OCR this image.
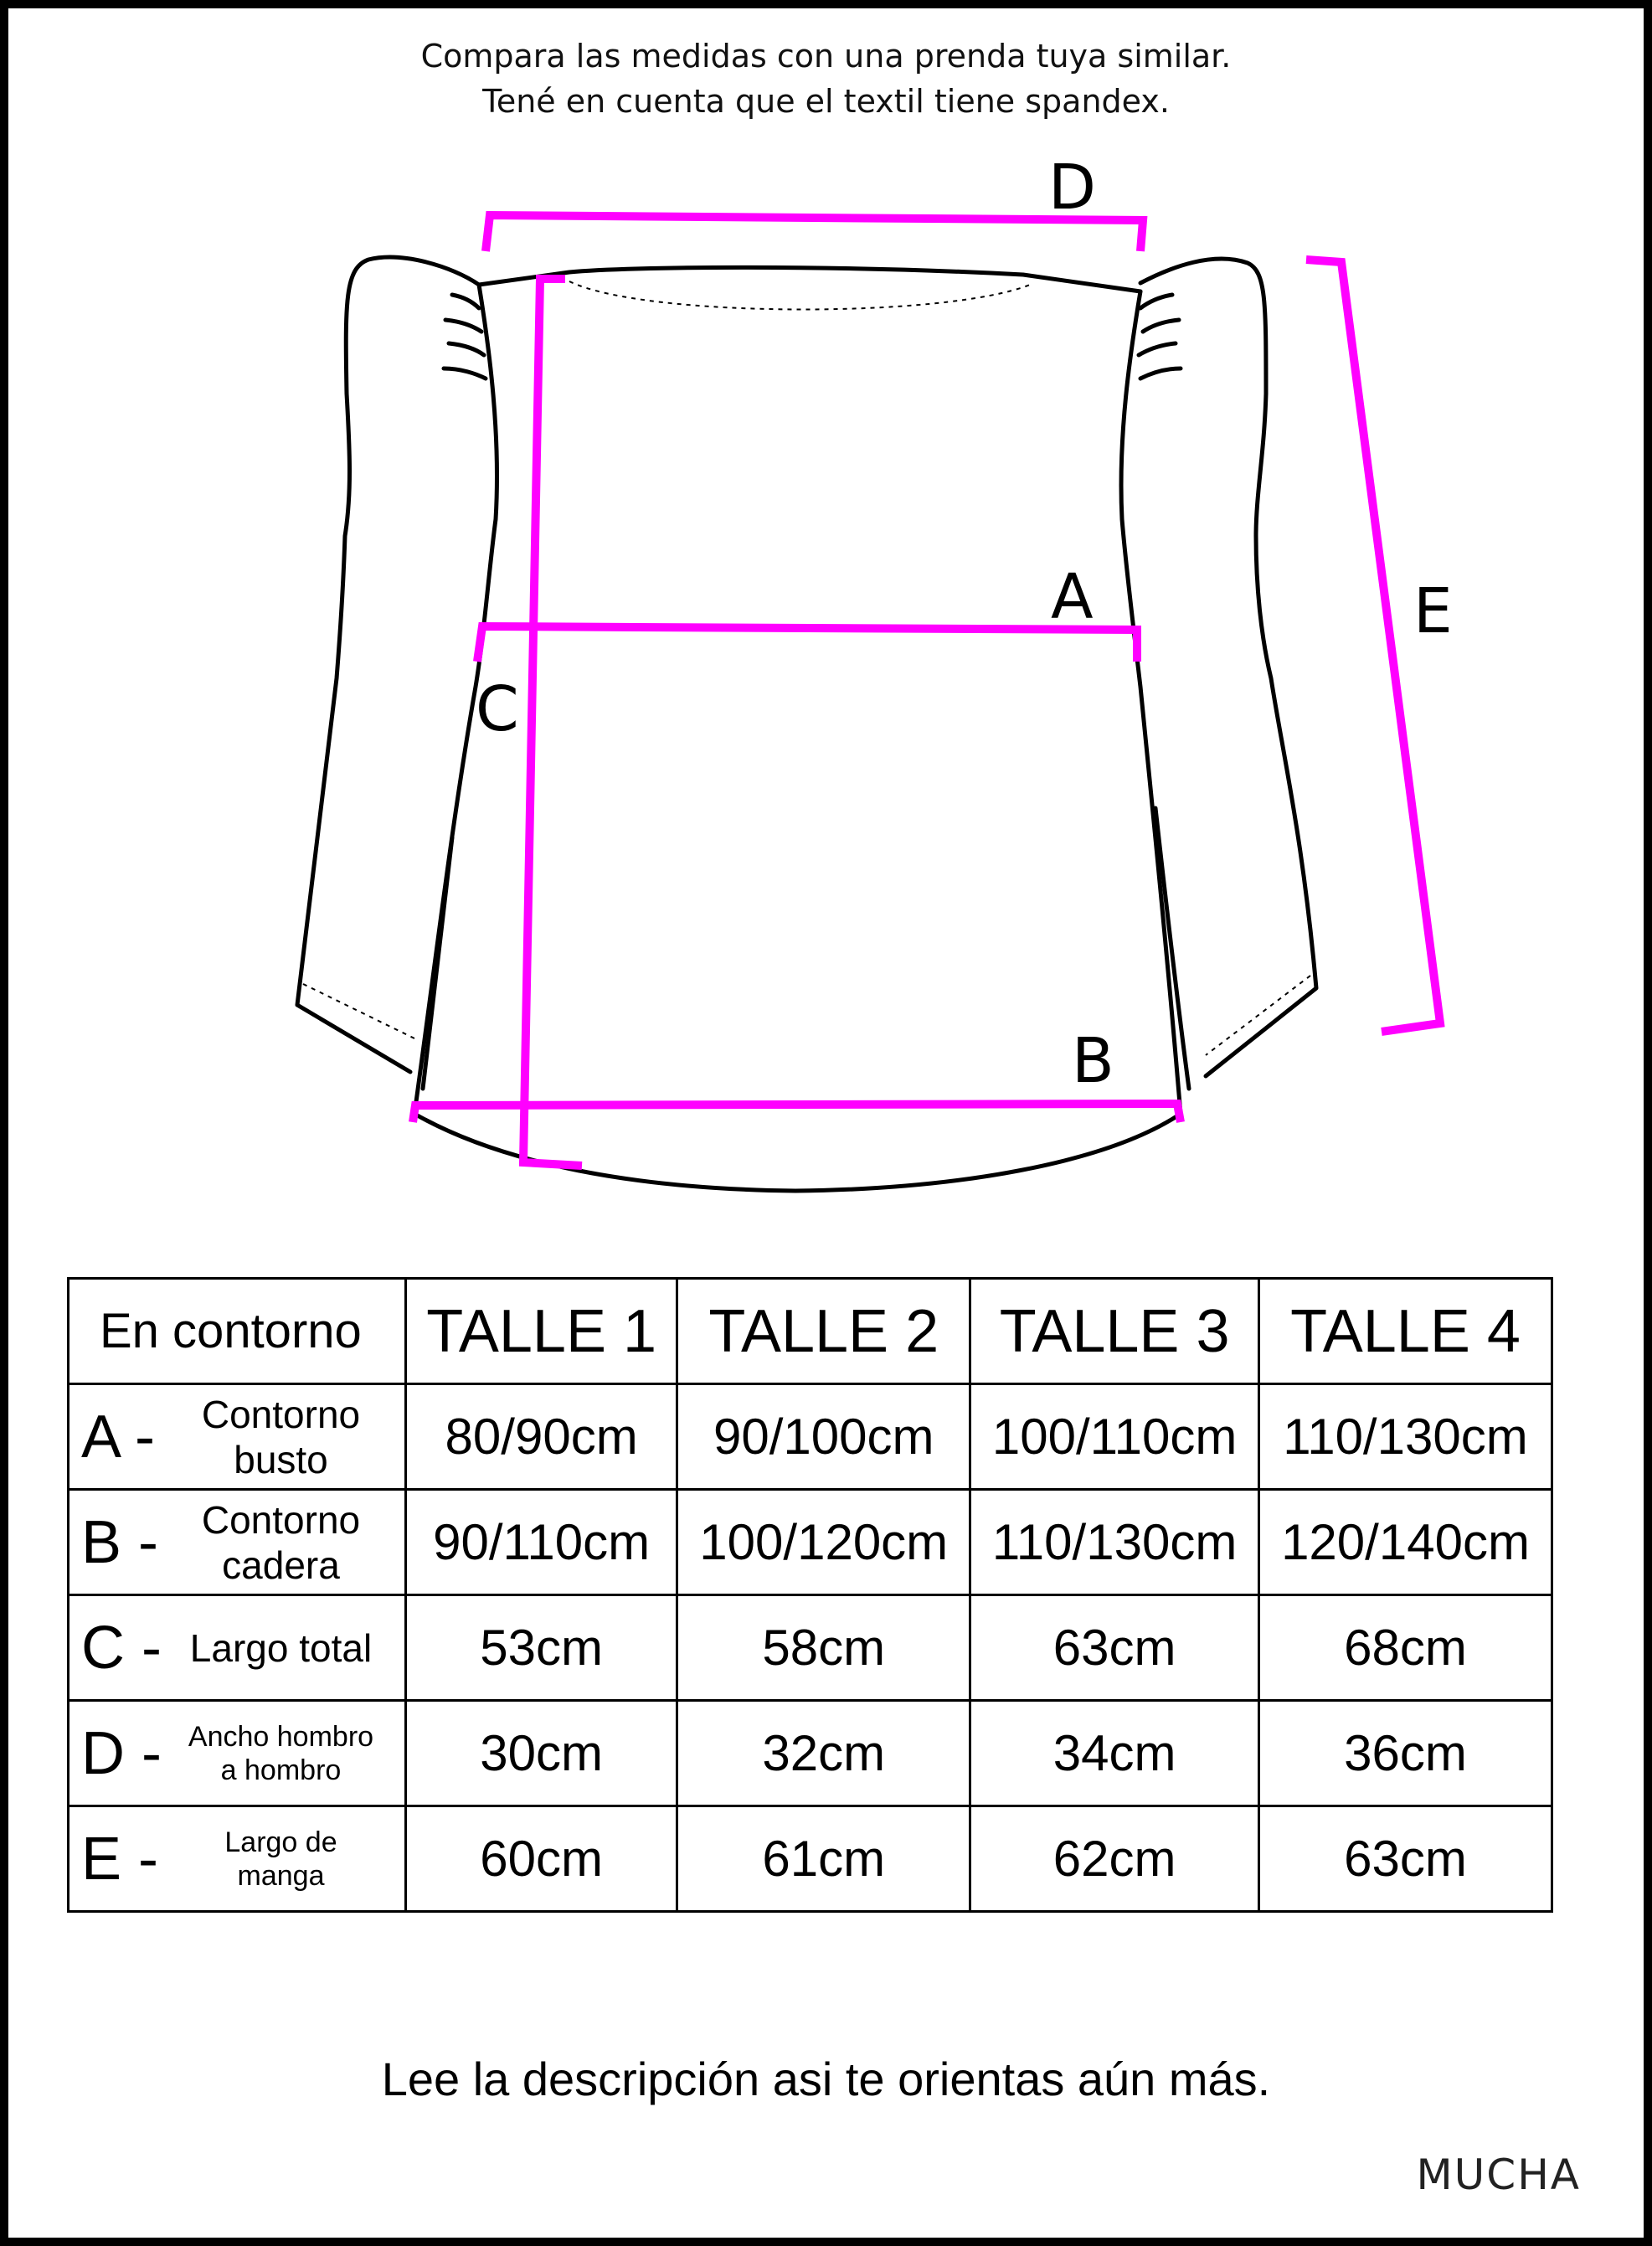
Compara las medidas con una prenda tuya similar.
Tené en cuenta que el textil tiene spandex.
D
A
B
C
E
En contorno	TALLE 1	TALLE 2	TALLE 3	TALLE 4

A - Contorno busto	80/90cm	90/100cm	100/110cm	110/130cm

B - Contorno cadera	90/110cm	100/120cm	110/130cm	120/140cm

C - Largo total	53cm	58cm	63cm	68cm

D - Ancho hombro a hombro	30cm	32cm	34cm	36cm

E - Largo de manga	60cm	61cm	62cm	63cm
Lee la descripción asi te orientas aún más.
MUCHA
